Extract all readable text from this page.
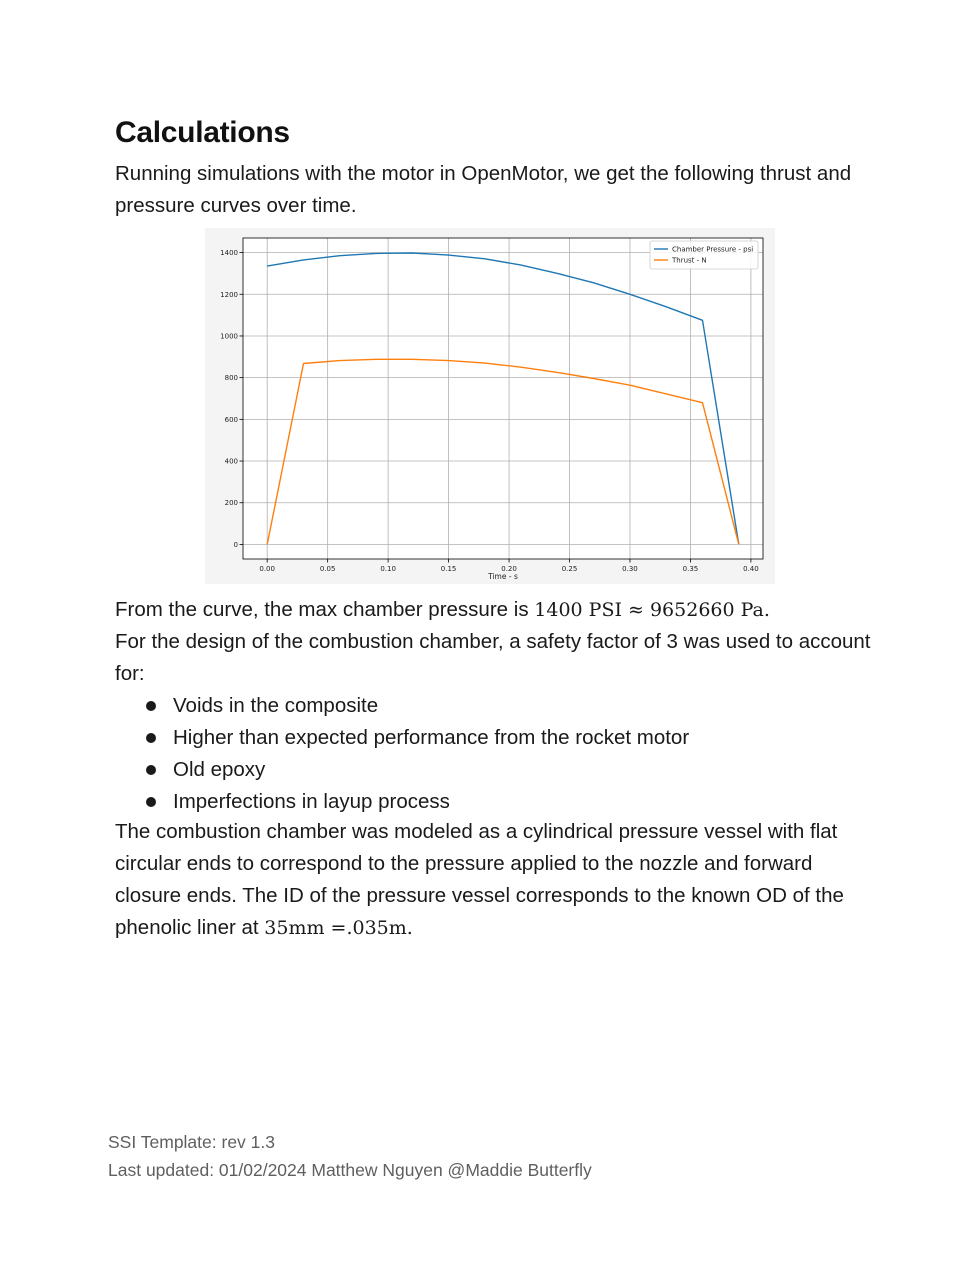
Calculations

Running simulations with the motor in OpenMotor, we get the following thrust and pressure curves over time.

0.00	0.05	0.10	0.15	0.20	0.25	0.30	0.35	0.40
0
200
400
600
800
1000
1200
1400
Time - s
Chamber Pressure - psi
Thrust - N
From the curve, the max chamber pressure is 1400 PSI ≈ 9652660 Pa.
For the design of the combustion chamber, a safety factor of 3 was used to account for:
Voids in the composite
Higher than expected performance from the rocket motor
Old epoxy
Imperfections in layup process
The combustion chamber was modeled as a cylindrical pressure vessel with flat circular ends to correspond to the pressure applied to the nozzle and forward closure ends. The ID of the pressure vessel corresponds to the known OD of the phenolic liner at 35mm =.035m.
SSI Template: rev 1.3
Last updated: 01/02/2024 Matthew Nguyen @Maddie Butterfly
